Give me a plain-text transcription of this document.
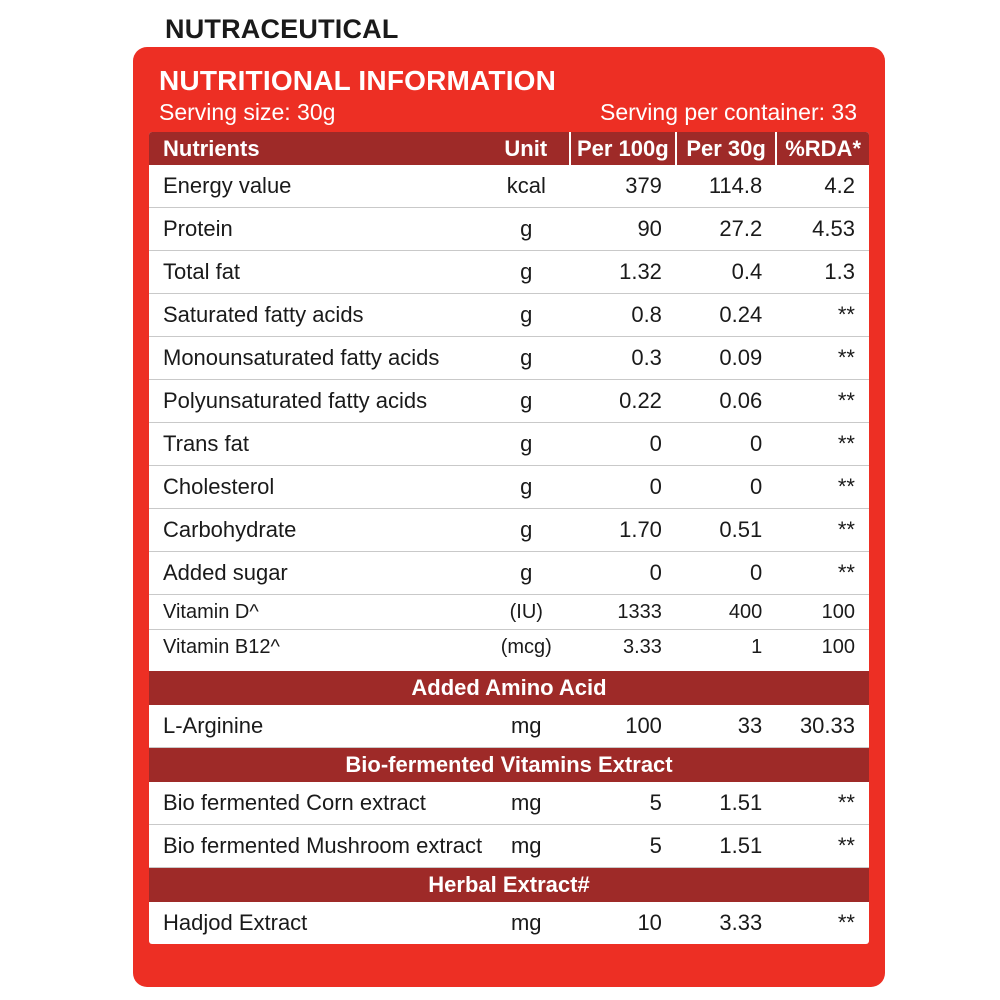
NUTRACEUTICAL
NUTRITIONAL INFORMATION
Serving size: 30g	Serving per container: 33
Nutrients	Unit	Per 100g	Per 30g	%RDA*
Energy value	kcal	379	114.8	4.2
Protein	g	90	27.2	4.53
Total fat	g	1.32	0.4	1.3
Saturated fatty acids	g	0.8	0.24	**
Monounsaturated fatty acids	g	0.3	0.09	**
Polyunsaturated fatty acids	g	0.22	0.06	**
Trans fat	g	0	0	**
Cholesterol	g	0	0	**
Carbohydrate	g	1.70	0.51	**
Added sugar	g	0	0	**
Vitamin D^	(IU)	1333	400	100
Vitamin B12^	(mcg)	3.33	1	100

Added Amino Acid				
L-Arginine	mg	100	33	30.33
Bio-fermented Vitamins Extract				
Bio fermented Corn extract	mg	5	1.51	**
Bio fermented Mushroom extract	mg	5	1.51	**
Herbal Extract#				
Hadjod Extract	mg	10	3.33	**
